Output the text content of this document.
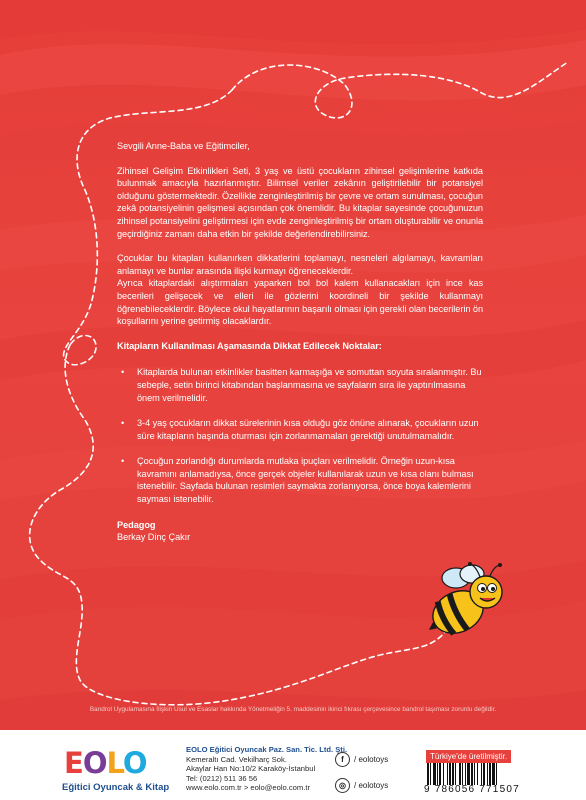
Sevgili Anne-Baba ve Eğitimciler,

Zihinsel Gelişim Etkinlikleri Seti, 3 yaş ve üstü çocukların zihinsel gelişimlerine katkıda bulunmak amacıyla hazırlanmıştır. Bilimsel veriler zekânın geliştirilebilir bir potansiyel olduğunu göstermektedir. Özellikle zenginleştirilmiş bir çevre ve ortam sunulması, çocuğun zekâ potansiyelinin gelişmesi açısından çok önemlidir. Bu kitaplar sayesinde çocuğunuzun zihinsel potansiyelini geliştirmesi için evde zenginleştirilmiş bir ortam oluşturabilir ve onunla geçirdiğiniz zamanı daha etkin bir şekilde değerlendirebilirsiniz.

Çocuklar bu kitapları kullanırken dikkatlerini toplamayı, nesneleri algılamayı, kavramları anlamayı ve bunlar arasında ilişki kurmayı öğreneceklerdir.

Ayrıca kitaplardaki alıştırmaları yaparken bol bol kalem kullanacakları için ince kas becerileri gelişecek ve elleri ile gözlerini koordineli bir şekilde kullanmayı öğrenebileceklerdir. Böylece okul hayatlarının başarılı olması için gerekli olan becerilerin ön koşullarını yerine getirmiş olacaklardır.

Kitapların Kullanılması Aşamasında Dikkat Edilecek Noktalar:

• Kitaplarda bulunan etkinlikler basitten karmaşığa ve somuttan soyuta sıralanmıştır. Bu sebeple, setin birinci kitabından başlanmasına ve sayfaların sıra ile yaptırılmasına önem verilmelidir.
• 3-4 yaş çocukların dikkat sürelerinin kısa olduğu göz önüne alınarak, çocukların uzun süre kitapların başında oturması için zorlanmamaları gerektiği unutulmamalıdır.
• Çocuğun zorlandığı durumlarda mutlaka ipuçları verilmelidir. Örneğin uzun-kısa kavramını anlamadıysa, önce gerçek objeler kullanılarak uzun ve kısa olanı bulması istenebilir. Sayfada bulunan resimleri saymakta zorlanıyorsa, önce boya kalemlerini sayması istenebilir.

Pedagog

Berkay Dinç Çakır

Bandrol Uygulamasına İlişkin Usul ve Esaslar hakkında Yönetmeliğin 5. maddesinin ikinci fıkrası çerçevesince bandrol taşıması zorunlu değildir.
EOLO
Eğitici Oyuncak & Kitap
EOLO Eğitici Oyuncak Paz. San. Tic. Ltd. Şti.
Kemeraltı Cad. Vekilharç Sok.
Akaylar Han No:10/2 Karaköy-İstanbul
Tel: (0212) 511 36 56
www.eolo.com.tr > eolo@eolo.com.tr
f	/ eolotoys
◎	/ eolotoys
Türkiye'de üretilmiştir.
9 786056 771507
